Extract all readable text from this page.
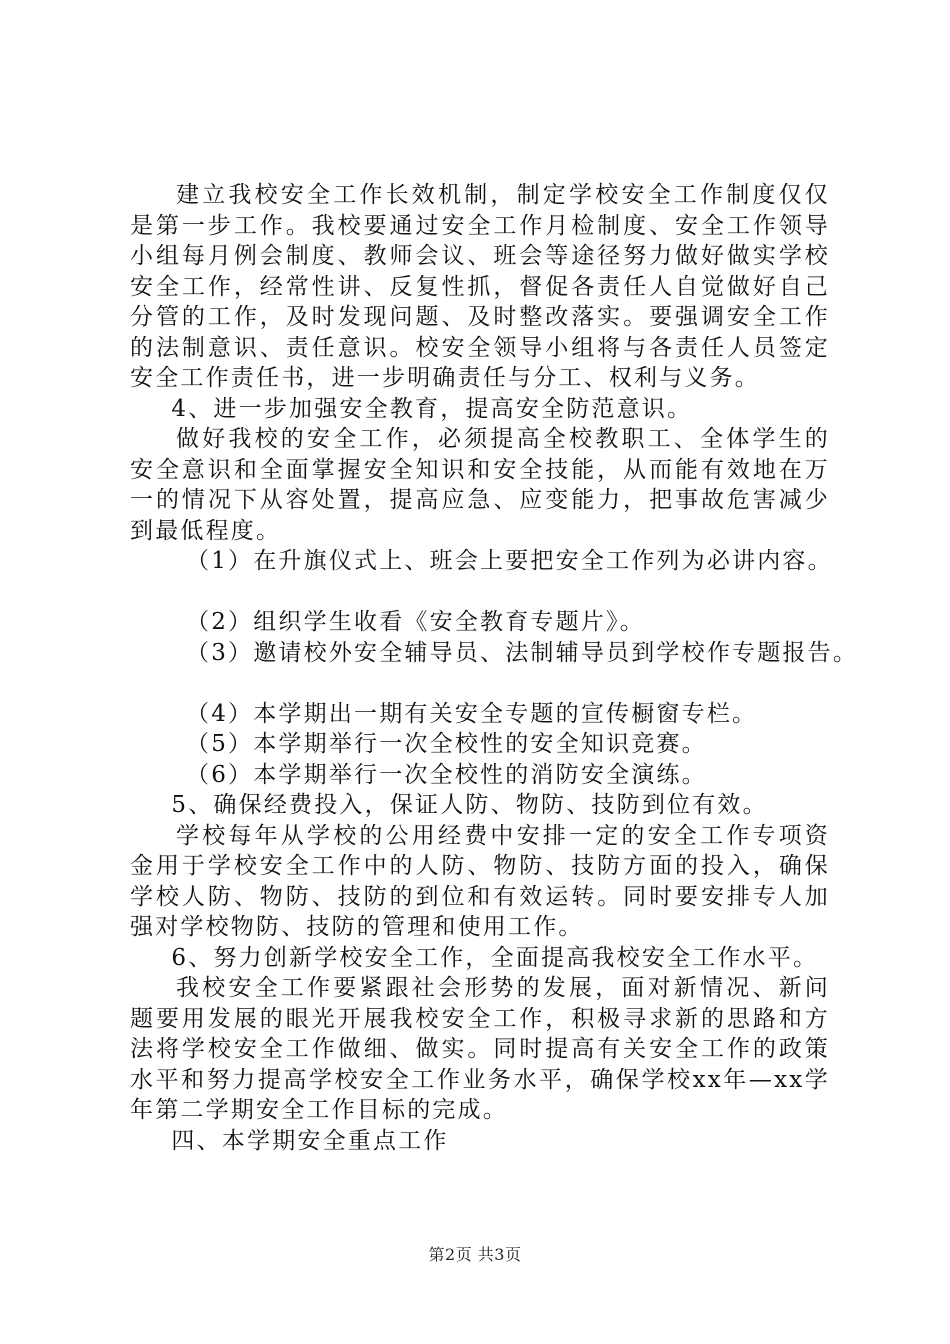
建立我校安全工作长效机制，制定学校安全工作制度仅仅是第一步工作。我校要通过安全工作月检制度、安全工作领导小组每月例会制度、教师会议、班会等途径努力做好做实学校安全工作，经常性讲、反复性抓，督促各责任人自觉做好自己分管的工作，及时发现问题、及时整改落实。要强调安全工作的法制意识、责任意识。校安全领导小组将与各责任人员签定安全工作责任书，进一步明确责任与分工、权利与义务。

4、进一步加强安全教育，提高安全防范意识。

做好我校的安全工作，必须提高全校教职工、全体学生的安全意识和全面掌握安全知识和安全技能，从而能有效地在万一的情况下从容处置，提高应急、应变能力，把事故危害减少到最低程度。

（1）在升旗仪式上、班会上要把安全工作列为必讲内容。

（2）组织学生收看《安全教育专题片》。

（3）邀请校外安全辅导员、法制辅导员到学校作专题报告。

（4）本学期出一期有关安全专题的宣传橱窗专栏。

（5）本学期举行一次全校性的安全知识竞赛。

（6）本学期举行一次全校性的消防安全演练。

5、确保经费投入，保证人防、物防、技防到位有效。

学校每年从学校的公用经费中安排一定的安全工作专项资金用于学校安全工作中的人防、物防、技防方面的投入，确保学校人防、物防、技防的到位和有效运转。同时要安排专人加强对学校物防、技防的管理和使用工作。

6、努力创新学校安全工作，全面提高我校安全工作水平。

我校安全工作要紧跟社会形势的发展，面对新情况、新问题要用发展的眼光开展我校安全工作，积极寻求新的思路和方法将学校安全工作做细、做实。同时提高有关安全工作的政策水平和努力提高学校安全工作业务水平，确保学校xx年—xx学年第二学期安全工作目标的完成。

四、本学期安全重点工作

第2页 共3页
